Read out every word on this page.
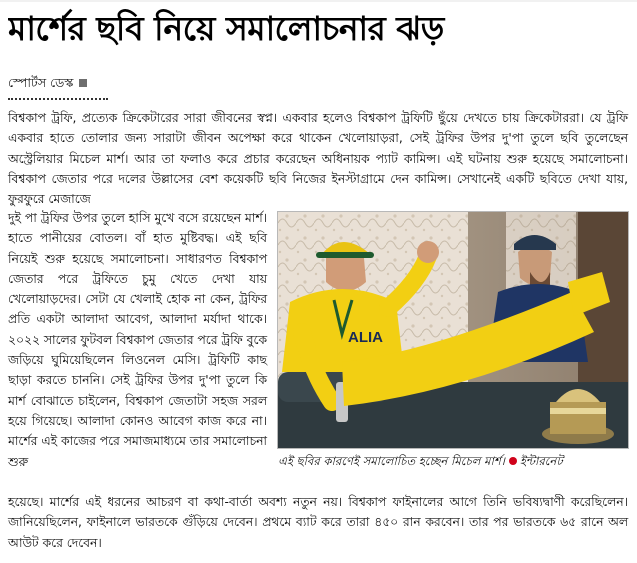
মার্শের ছবি নিয়ে সমালোচনার ঝড়
স্পোর্টস ডেস্ক

বিশ্বকাপ ট্রফি, প্রত্যেক ক্রিকেটারের সারা জীবনের স্বপ্ন। একবার হলেও বিশ্বকাপ ট্রফিটি ছুঁয়ে দেখতে চায় ক্রিকেটাররা। যে ট্রফি একবার হাতে তোলার জন্য সারাটা জীবন অপেক্ষা করে থাকেন খেলোয়াড়রা, সেই ট্রফির উপর দু'পা তুলে ছবি তুলেছেন অস্ট্রেলিয়ার মিচেল মার্শ। আর তা ফলাও করে প্রচার করেছেন অধিনায়ক প্যাট কামিন্স। এই ঘটনায় শুরু হয়েছে সমালোচনা। বিশ্বকাপ জেতার পরে দলের উল্লাসের বেশ কয়েকটি ছবি নিজের ইনস্টাগ্রামে দেন কামিন্স। সেখানেই একটি ছবিতে দেখা যায়, ফুরফুরে মেজাজে

ALIA
এই ছবির কারণেই সমালোচিত হচ্ছেন মিচেল মার্শ। ইন্টারনেট

দুই পা ট্রফির উপর তুলে হাসি মুখে বসে রয়েছেন মার্শ। হাতে পানীয়ের বোতল। বাঁ হাত মুষ্টিবদ্ধ। এই ছবি নিয়েই শুরু হয়েছে সমালোচনা। সাধারণত বিশ্বকাপ জেতার পরে ট্রফিতে চুমু খেতে দেখা যায় খেলোয়াড়দের। সেটা যে খেলাই হোক না কেন, ট্রফির প্রতি একটা আলাদা আবেগ, আলাদা মর্যাদা থাকে। ২০২২ সালের ফুটবল বিশ্বকাপ জেতার পরে ট্রফি বুকে জড়িয়ে ঘুমিয়েছিলেন লিওনেল মেসি। ট্রফিটি কাছ ছাড়া করতে চাননি। সেই ট্রফির উপর দু'পা তুলে কি মার্শ বোঝাতে চাইলেন, বিশ্বকাপ জেতাটা সহজ সরল হয়ে গিয়েছে। আলাদা কোনও আবেগ কাজ করে না। মার্শের এই কাজের পরে সমাজমাধ্যমে তার সমালোচনা শুরু

হয়েছে। মার্শের এই ধরনের আচরণ বা কথা-বার্তা অবশ্য নতুন নয়। বিশ্বকাপ ফাইনালের আগে তিনি ভবিষ্যদ্বাণী করেছিলেন। জানিয়েছিলেন, ফাইনালে ভারতকে গুঁড়িয়ে দেবেন। প্রথমে ব্যাট করে তারা ৪৫০ রান করবেন। তার পর ভারতকে ৬৫ রানে অল আউট করে দেবেন।
